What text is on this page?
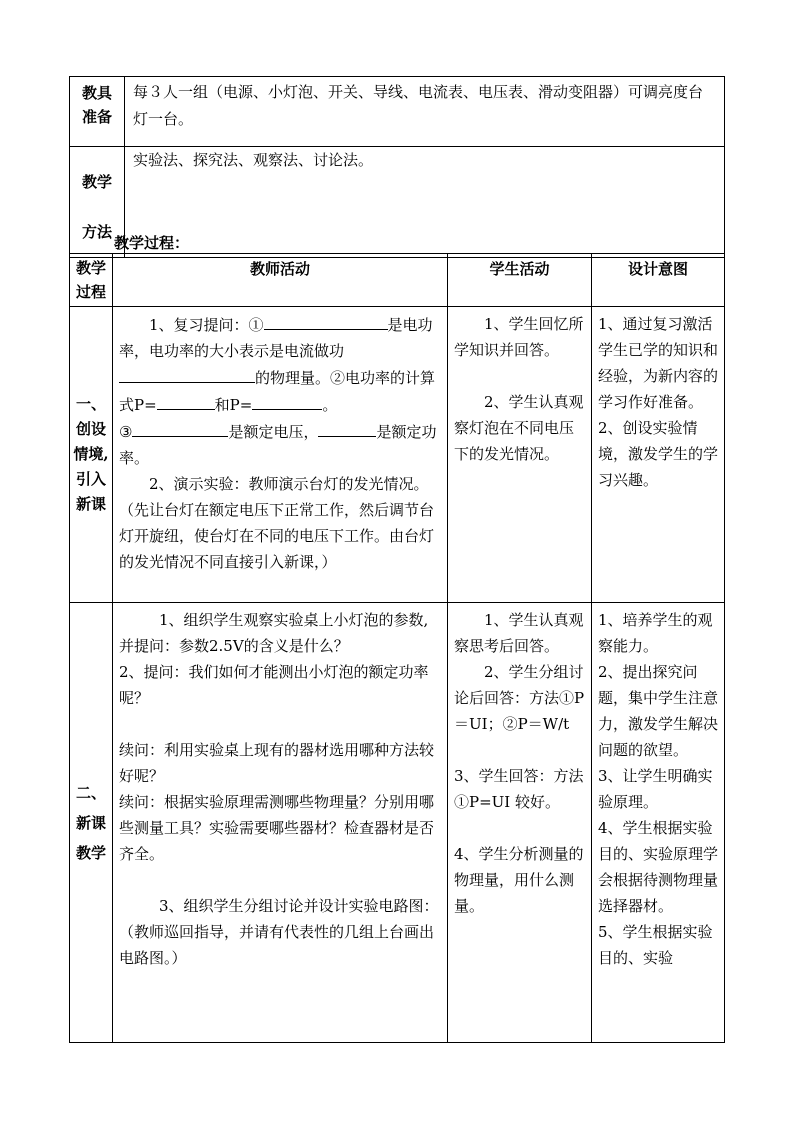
教具准备	每３人一组（电源、小灯泡、开关、导线、电流表、电压表、滑动变阻器）可调亮度台灯一台。

教学
方法	实验法、探究法、观察法、讨论法。
教学过程：
教学过程	教师活动	学生活动	设计意图
一、创设情境,引入新课	1、复习提问：① 是电功率，电功率的大小表示是电流做功的物理量。②电功率的计算式P= 和P= 。
③ 是额定电压， 是额定功率。
2、演示实验：教师演示台灯的发光情况。（先让台灯在额定电压下正常工作，然后调节台灯开旋纽，使台灯在不同的电压下工作。由台灯的发光情况不同直接引入新课，）	1、学生回忆所学知识并回答。
2、学生认真观察灯泡在不同电压下的发光情况。	1、通过复习激活学生已学的知识和经验，为新内容的学习作好准备。
2、创设实验情境，激发学生的学习兴趣。

二、新课教学	1、组织学生观察实验桌上小灯泡的参数,并提问：参数2.5V的含义是什么？
2、提问：我们如何才能测出小灯泡的额定功率呢？
续问：利用实验桌上现有的器材选用哪种方法较好呢？
续问：根据实验原理需测哪些物理量？分别用哪些测量工具？实验需要哪些器材？检查器材是否齐全。
3、组织学生分组讨论并设计实验电路图：（教师巡回指导，并请有代表性的几组上台画出电路图。）	1、学生认真观察思考后回答。
2、学生分组讨论后回答：方法①P＝UI；②P＝W/t
3、学生回答：方法①P=UI 较好。
4、学生分析测量的物理量，用什么测量。	1、培养学生的观察能力。
2、提出探究问题，集中学生注意力，激发学生解决问题的欲望。
3、让学生明确实验原理。
4、学生根据实验目的、实验原理学会根据待测物理量选择器材。
5、学生根据实验目的、实验
